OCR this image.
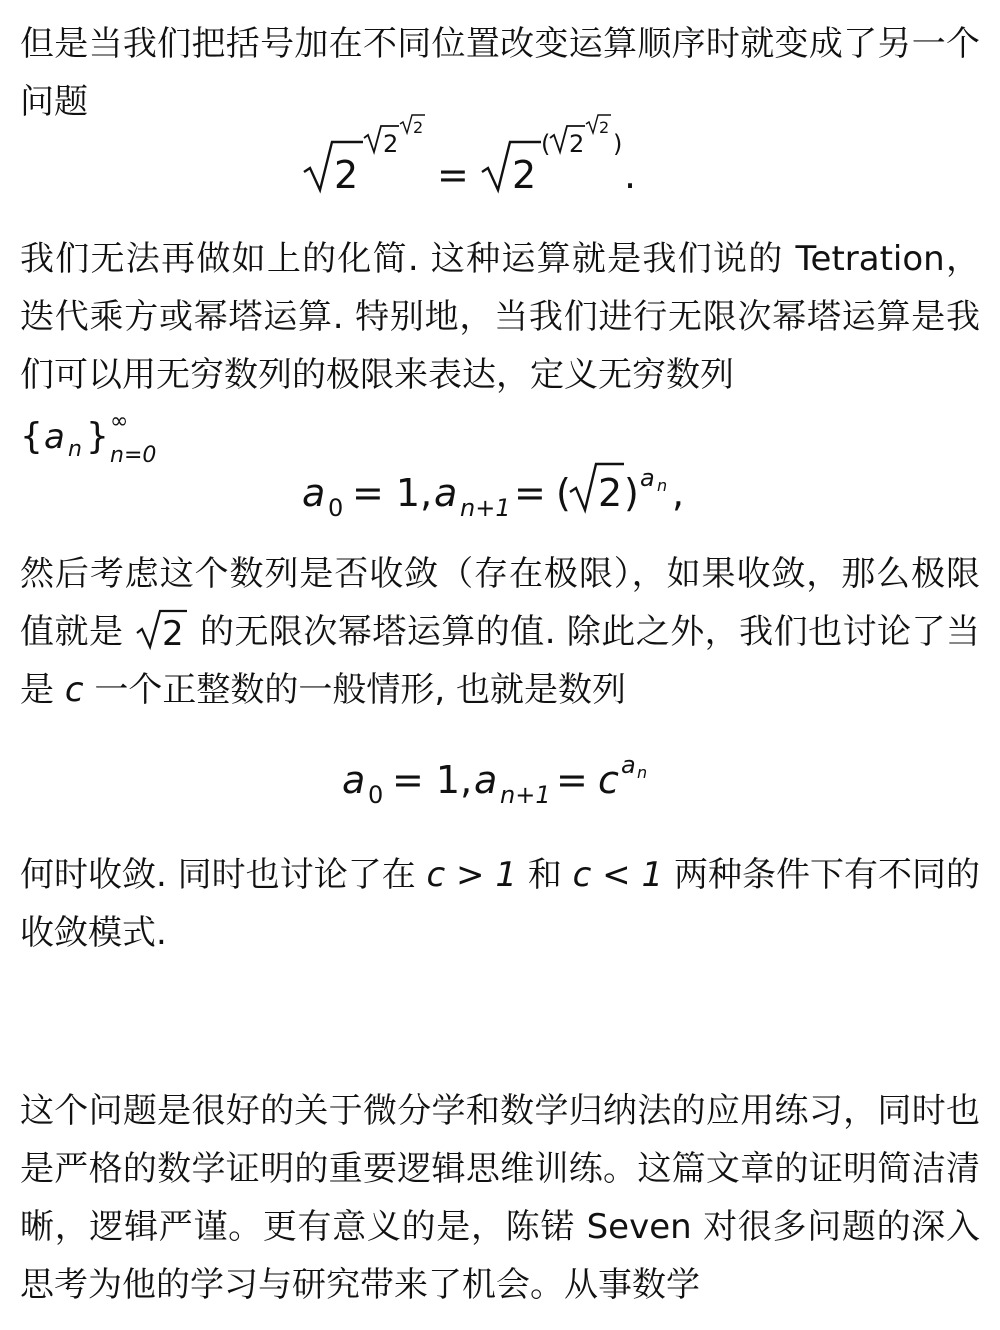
但是当我们把括号加在不同位置改变运算顺序时就变成了另一个问题

2
2
2
= 2
( 2
2
)
.

我们无法再做如上的化简. 这种运算就是我们说的 Tetration，迭代乘方或幂塔运算. 特别地，当我们进行无限次幂塔运算是我们可以用无穷数列的极限来表达，定义无穷数列

{ a n } ∞
n=0

a 0 = 1, a n+1 = ( 2 ) a n ,

然后考虑这个数列是否收敛（存在极限），如果收敛，那么极限值就是 2 的无限次幂塔运算的值. 除此之外，我们也讨论了当是 c 一个正整数的一般情形, 也就是数列

a 0 = 1, a n+1 = c a n

何时收敛. 同时也讨论了在 c > 1 和 c < 1 两种条件下有不同的收敛模式.

这个问题是很好的关于微分学和数学归纳法的应用练习，同时也是严格的数学证明的重要逻辑思维训练。这篇文章的证明简洁清晰，逻辑严谨。更有意义的是，陈锘 Seven 对很多问题的深入思考为他的学习与研究带来了机会。从事数学
